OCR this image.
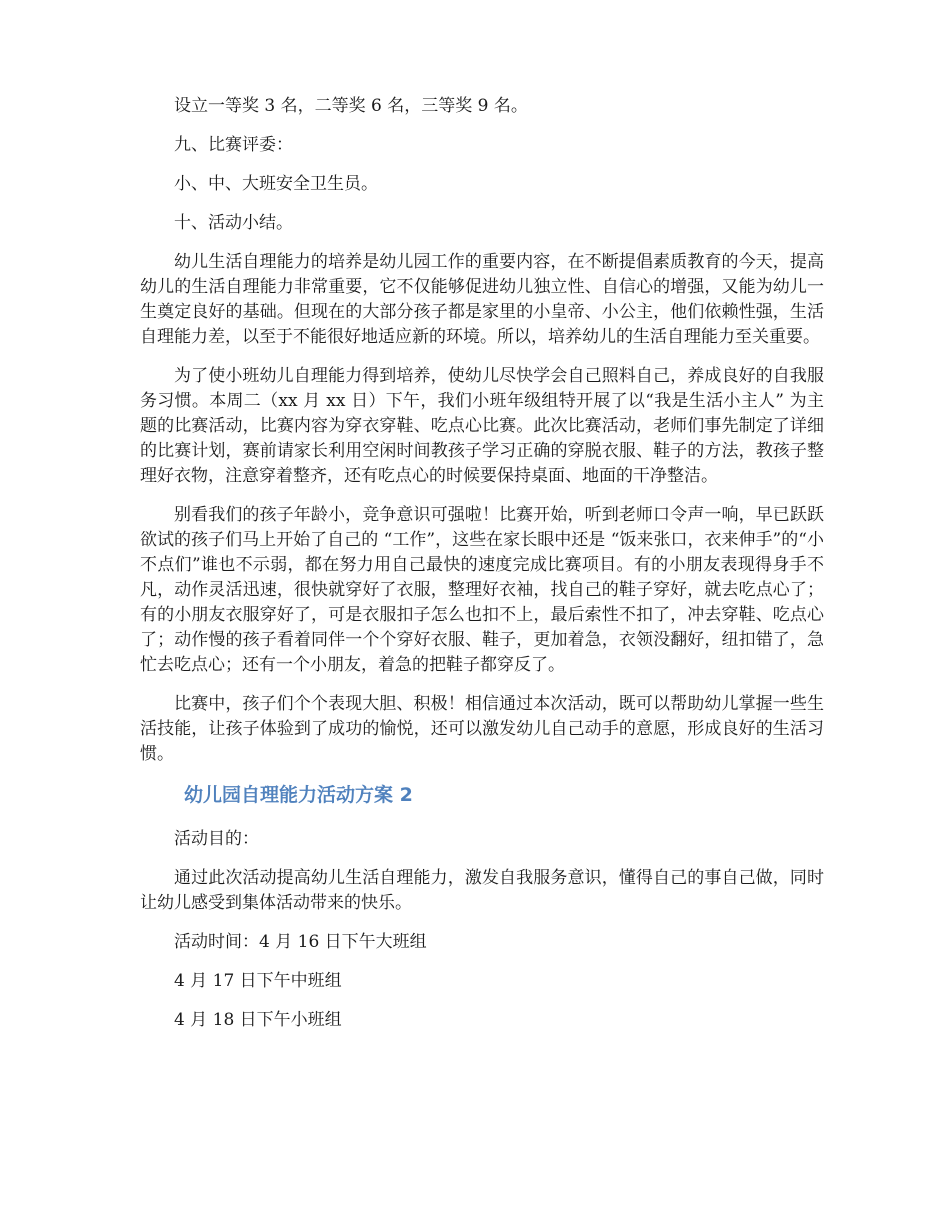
设立一等奖 3 名，二等奖 6 名，三等奖 9 名。

九、比赛评委：

小、中、大班安全卫生员。

十、活动小结。

幼儿生活自理能力的培养是幼儿园工作的重要内容，在不断提倡素质教育的今天，提高幼儿的生活自理能力非常重要，它不仅能够促进幼儿独立性、自信心的增强，又能为幼儿一生奠定良好的基础。但现在的大部分孩子都是家里的小皇帝、小公主，他们依赖性强，生活自理能力差，以至于不能很好地适应新的环境。所以，培养幼儿的生活自理能力至关重要。

为了使小班幼儿自理能力得到培养，使幼儿尽快学会自己照料自己，养成良好的自我服务习惯。本周二（xx 月 xx 日）下午，我们小班年级组特开展了以“我是生活小主人” 为主题的比赛活动，比赛内容为穿衣穿鞋、吃点心比赛。此次比赛活动，老师们事先制定了详细的比赛计划，赛前请家长利用空闲时间教孩子学习正确的穿脱衣服、鞋子的方法，教孩子整理好衣物，注意穿着整齐，还有吃点心的时候要保持桌面、地面的干净整洁。

别看我们的孩子年龄小，竞争意识可强啦！比赛开始，听到老师口令声一响，早已跃跃欲试的孩子们马上开始了自己的 “工作”，这些在家长眼中还是 “饭来张口，衣来伸手”的“小不点们”谁也不示弱，都在努力用自己最快的速度完成比赛项目。有的小朋友表现得身手不凡，动作灵活迅速，很快就穿好了衣服，整理好衣袖，找自己的鞋子穿好，就去吃点心了；有的小朋友衣服穿好了，可是衣服扣子怎么也扣不上，最后索性不扣了，冲去穿鞋、吃点心了；动作慢的孩子看着同伴一个个穿好衣服、鞋子，更加着急，衣领没翻好，纽扣错了，急忙去吃点心；还有一个小朋友，着急的把鞋子都穿反了。

比赛中，孩子们个个表现大胆、积极！相信通过本次活动，既可以帮助幼儿掌握一些生活技能，让孩子体验到了成功的愉悦，还可以激发幼儿自己动手的意愿，形成良好的生活习惯。

幼儿园自理能力活动方案 2

活动目的：

通过此次活动提高幼儿生活自理能力，激发自我服务意识，懂得自己的事自己做，同时让幼儿感受到集体活动带来的快乐。

活动时间：4 月 16 日下午大班组

4 月 17 日下午中班组

4 月 18 日下午小班组
